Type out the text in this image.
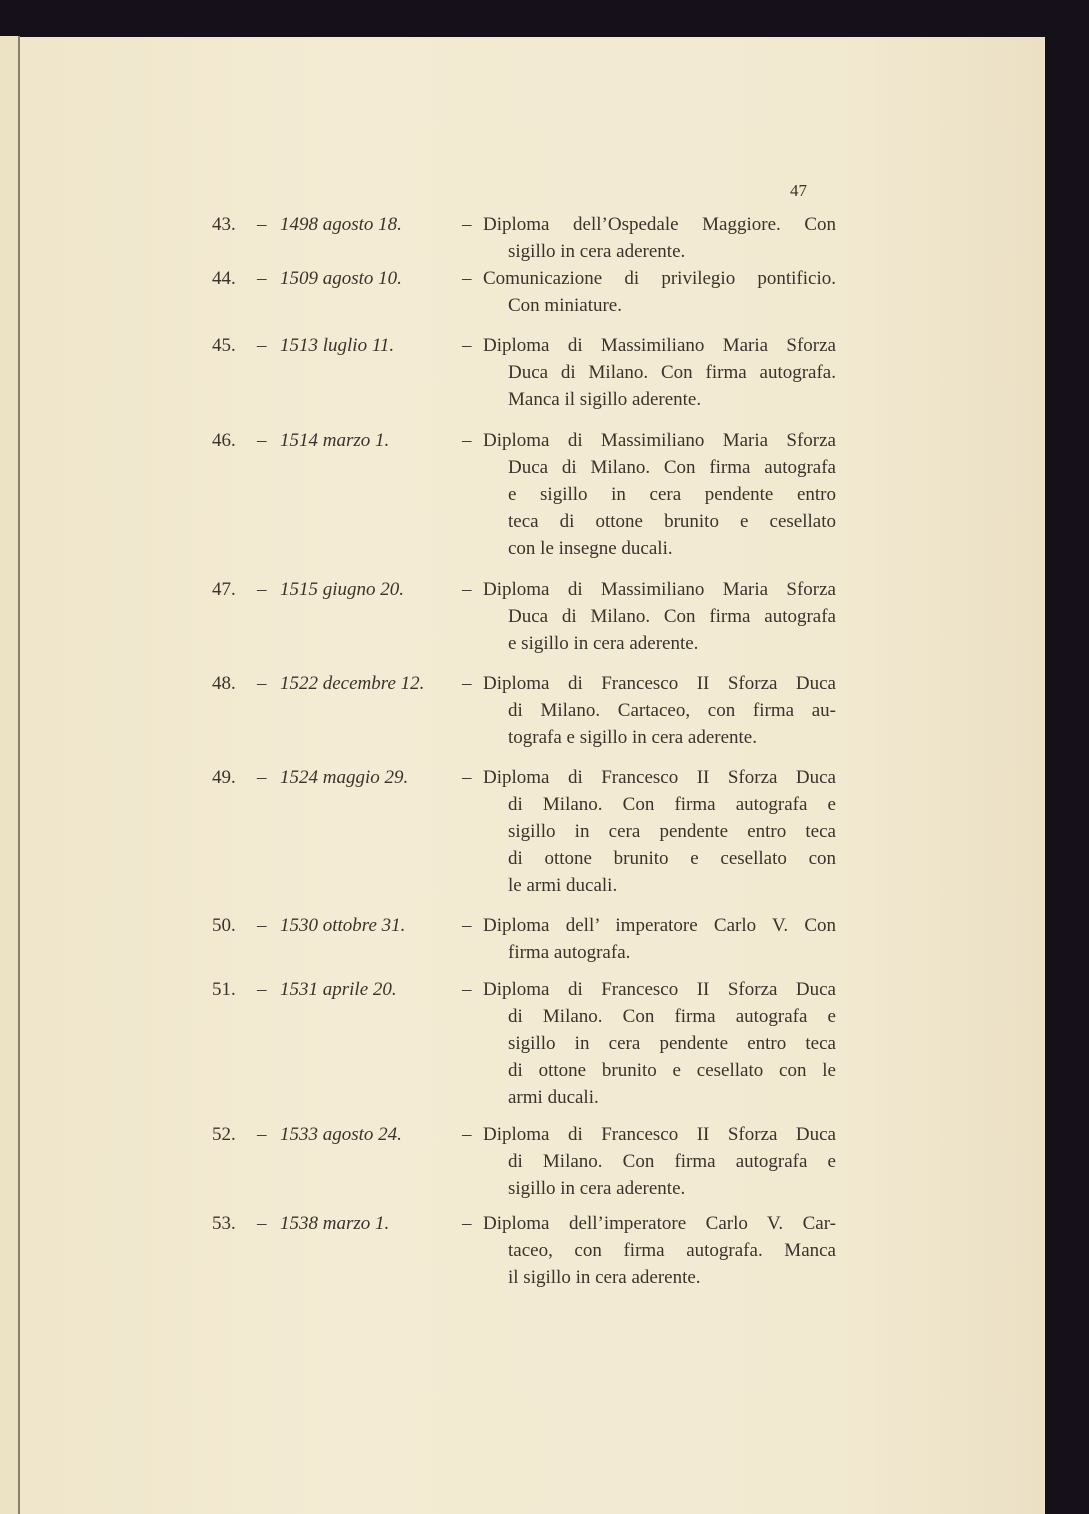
47
43. – 1498 agosto 18.	– Diploma dell’Ospedale Maggiore. Con
sigillo in cera aderente.
44. – 1509 agosto 10.	– Comunicazione di privilegio pontificio.
Con miniature.
45. – 1513 luglio 11.	– Diploma di Massimiliano Maria Sforza
Duca di Milano. Con firma autografa.
Manca il sigillo aderente.
46. – 1514 marzo 1.	– Diploma di Massimiliano Maria Sforza
Duca di Milano. Con firma autografa
e sigillo in cera pendente entro
teca di ottone brunito e cesellato
con le insegne ducali.
47. – 1515 giugno 20.	– Diploma di Massimiliano Maria Sforza
Duca di Milano. Con firma autografa
e sigillo in cera aderente.
48. – 1522 decembre 12. – Diploma di Francesco II Sforza Duca
di Milano. Cartaceo, con firma au-
tografa e sigillo in cera aderente.
49. – 1524 maggio 29.	– Diploma di Francesco II Sforza Duca
di Milano. Con firma autografa e
sigillo in cera pendente entro teca
di ottone brunito e cesellato con
le armi ducali.
50. – 1530 ottobre 31.	– Diploma dell’ imperatore Carlo V. Con
firma autografa.
51. – 1531 aprile 20.	– Diploma di Francesco II Sforza Duca
di Milano. Con firma autografa e
sigillo in cera pendente entro teca
di ottone brunito e cesellato con le
armi ducali.
52. – 1533 agosto 24.	– Diploma di Francesco II Sforza Duca
di Milano. Con firma autografa e
sigillo in cera aderente.
53. – 1538 marzo 1.	– Diploma dell’imperatore Carlo V. Car-
taceo, con firma autografa. Manca
il sigillo in cera aderente.
